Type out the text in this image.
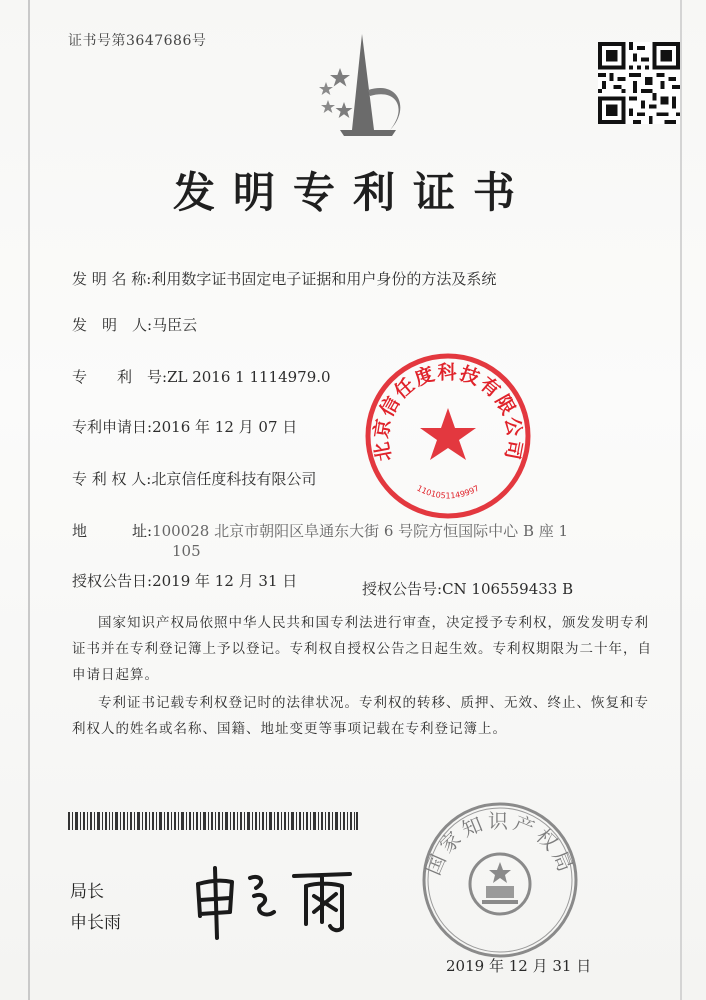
证书号第3647686号
发明专利证书
发 明 名 称:利用数字证书固定电子证据和用户身份的方法及系统
发　明　人:马臣云
专　　利　号:ZL 2016 1 1114979.0
专利申请日:2016 年 12 月 07 日
专 利 权 人:北京信任度科技有限公司
地　　　址:100028 北京市朝阳区阜通东大街 6 号院方恒国际中心 B 座 1
105
授权公告日:2019 年 12 月 31 日	授权公告号:CN 106559433 B
国家知识产权局依照中华人民共和国专利法进行审查，决定授予专利权，颁发发明专利证书并在专利登记簿上予以登记。专利权自授权公告之日起生效。专利权期限为二十年，自申请日起算。
专利证书记载专利权登记时的法律状况。专利权的转移、质押、无效、终止、恢复和专利权人的姓名或名称、国籍、地址变更等事项记载在专利登记簿上。
北京信任度科技有限公司
1101051149997
局长
申长雨
国家知识产权局
2019 年 12 月 31 日
